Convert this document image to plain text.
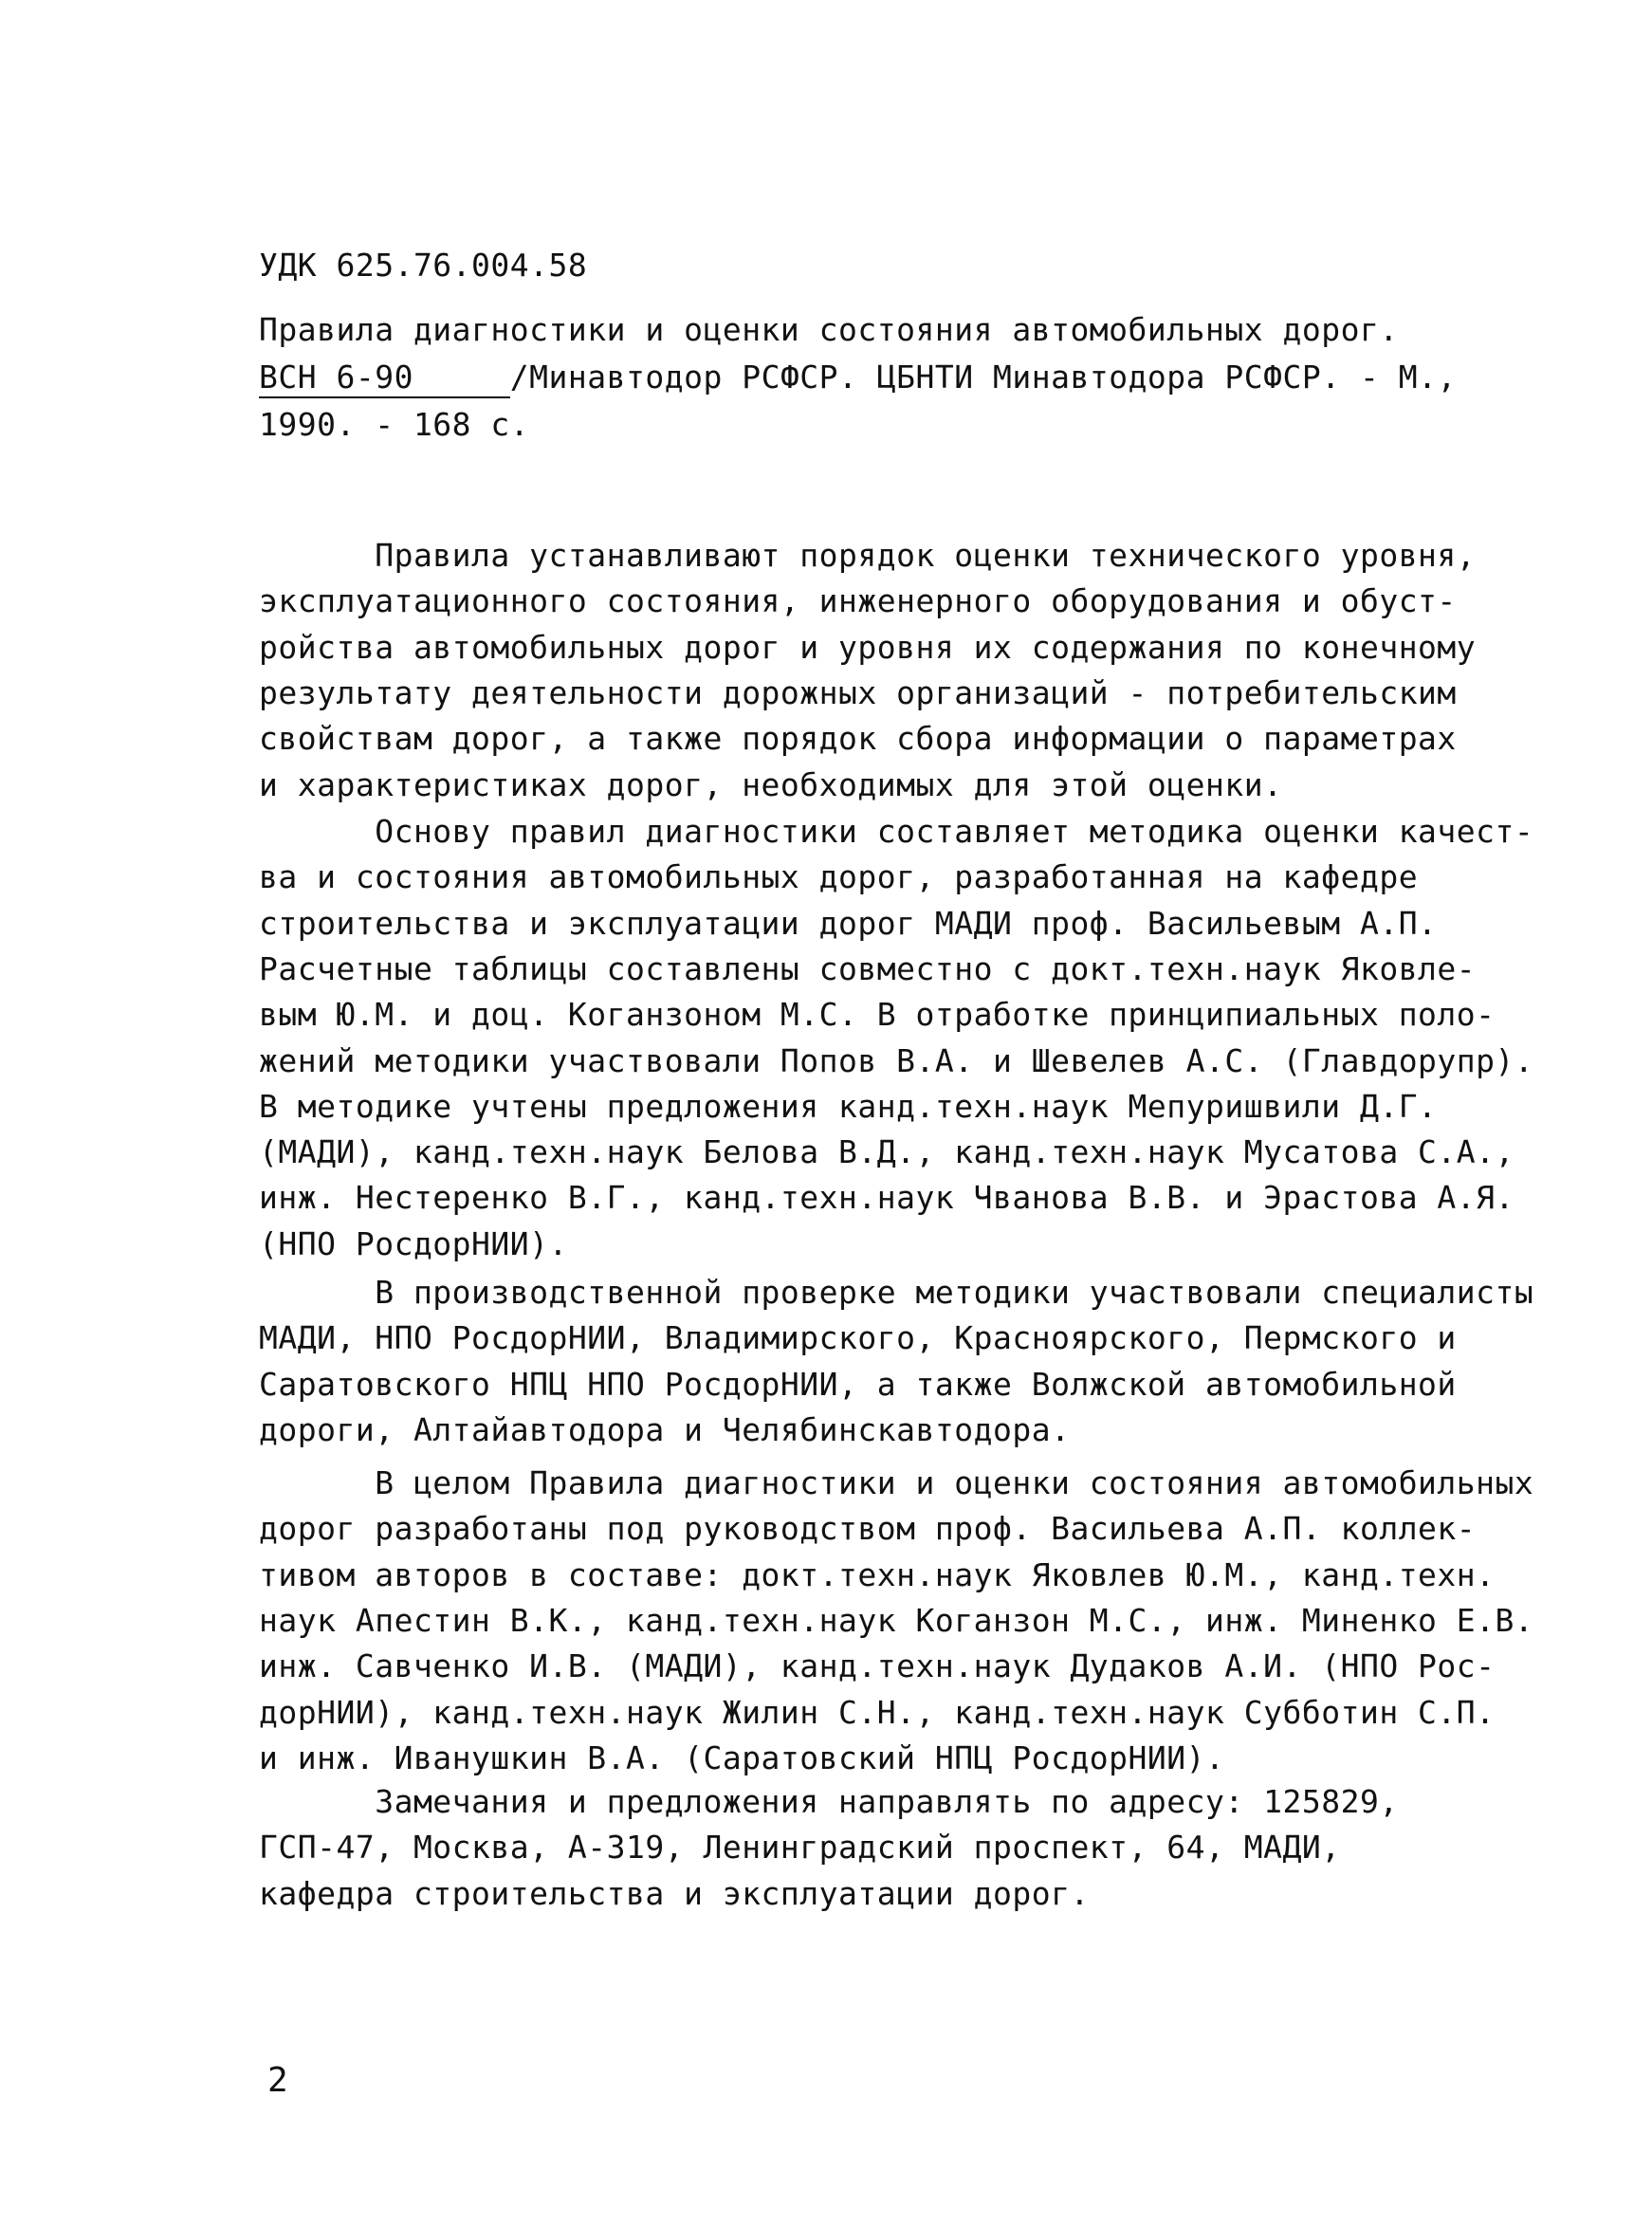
УДК 625.76.004.58
Правила диагностики и оценки состояния автомобильных дорог.
ВСН 6-90	/Минавтодор РСФСР. ЦБНТИ Минавтодора РСФСР. - М.,
1990. - 168 с.
Правила устанавливают порядок оценки технического уровня,
эксплуатационного состояния, инженерного оборудования и обуст-
ройства автомобильных дорог и уровня их содержания по конечному
результату деятельности дорожных организаций - потребительским
свойствам дорог, а также порядок сбора информации о параметрах
и характеристиках дорог, необходимых для этой оценки.
Основу правил диагностики составляет методика оценки качест-
ва и состояния автомобильных дорог, разработанная на кафедре
строительства и эксплуатации дорог МАДИ проф. Васильевым А.П.
Расчетные таблицы составлены совместно с докт.техн.наук Яковле-
вым Ю.М. и доц. Коганзоном М.С. В отработке принципиальных поло-
жений методики участвовали Попов В.А. и Шевелев А.С. (Главдорупр).
В методике учтены предложения канд.техн.наук Мепуришвили Д.Г.
(МАДИ), канд.техн.наук Белова В.Д., канд.техн.наук Мусатова С.А.,
инж. Нестеренко В.Г., канд.техн.наук Чванова В.В. и Эрастова А.Я.
(НПО РосдорНИИ).
В производственной проверке методики участвовали специалисты
МАДИ, НПО РосдорНИИ, Владимирского, Красноярского, Пермского и
Саратовского НПЦ НПО РосдорНИИ, а также Волжской автомобильной
дороги, Алтайавтодора и Челябинскавтодора.
В целом Правила диагностики и оценки состояния автомобильных
дорог разработаны под руководством проф. Васильева А.П. коллек-
тивом авторов в составе: докт.техн.наук Яковлев Ю.М., канд.техн.
наук Апестин В.К., канд.техн.наук Коганзон М.С., инж. Миненко Е.В.
инж. Савченко И.В. (МАДИ), канд.техн.наук Дудаков А.И. (НПО Рос-
дорНИИ), канд.техн.наук Жилин С.Н., канд.техн.наук Субботин С.П.
и инж. Иванушкин В.А. (Саратовский НПЦ РосдорНИИ).
Замечания и предложения направлять по адресу: 125829,
ГСП-47, Москва, А-319, Ленинградский проспект, 64, МАДИ,
кафедра строительства и эксплуатации дорог.
2
